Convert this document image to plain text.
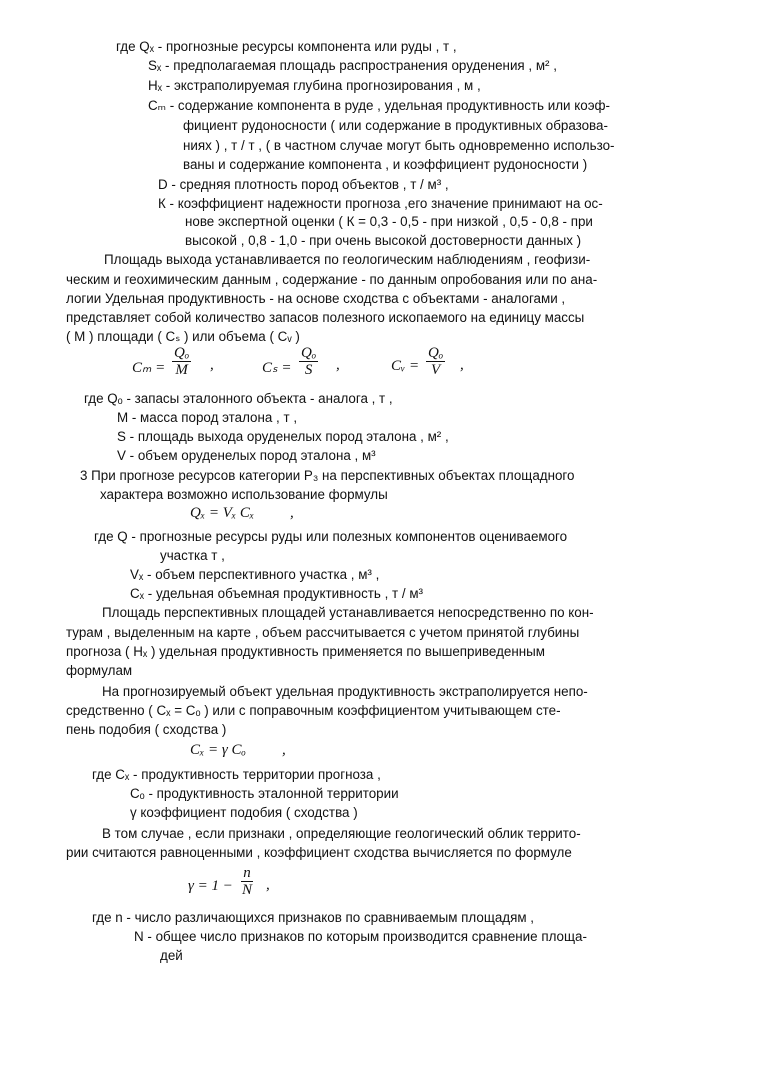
где Qₓ - прогнозные ресурсы компонента или руды , т ,
Sₓ - предполагаемая площадь распространения оруденения , м² ,
Hₓ - экстраполируемая глубина прогнозирования , м ,
Cₘ - содержание компонента в руде , удельная продуктивность или коэф-
фициент рудоносности ( или содержание в продуктивных образова-
ниях ) , т / т , ( в частном случае могут быть одновременно использо-
ваны и содержание компонента , и коэффициент рудоносности )
D - средняя плотность пород объектов , т / м³ ,
К - коэффициент надежности прогноза ,его значение принимают на ос-
нове экспертной оценки ( К = 0,3 - 0,5 - при низкой , 0,5 - 0,8 - при
высокой , 0,8 - 1,0 - при очень высокой достоверности данных )
Площадь выхода устанавливается по геологическим наблюдениям , геофизи-
ческим и геохимическим данным , содержание - по данным опробования или по ана-
логии Удельная продуктивность - на основе сходства с объектами - аналогами ,
представляет собой количество запасов полезного ископаемого на единицу массы
( М ) площади ( Cₛ ) или объема ( Cᵥ )
$C_m = \frac{\text{Qₒ}}{M}$ ,	$C_s = \frac{\text{Qₒ}}{S}$ ,	Cᵥ = $\frac{\text{Qₒ}}{V}$ ,
где Qₒ - запасы эталонного объекта - аналога , т ,
М - масса пород эталона , т ,
S - площадь выхода оруденелых пород эталона , м² ,
V - объем оруденелых пород эталона , м³
3 При прогнозе ресурсов категории Р₃ на перспективных объектах площадного
характера возможно использование формулы
Qₓ = Vₓ Cₓ ,
где Q - прогнозные ресурсы руды или полезных компонентов оцениваемого
участка т ,
Vₓ - объем перспективного участка , м³ ,
Cₓ - удельная объемная продуктивность , т / м³
Площадь перспективных площадей устанавливается непосредственно по кон-
турам , выделенным на карте , объем рассчитывается с учетом принятой глубины
прогноза ( Hₓ ) удельная продуктивность применяется по вышеприведенным
формулам
На прогнозируемый объект удельная продуктивность экстраполируется непо-
средственно ( Cₓ = Cₒ ) или с поправочным коэффициентом учитывающем сте-
пень подобия ( сходства )
Cₓ = γ Cₒ ,
где Cₓ - продуктивность территории прогноза ,
Cₒ - продуктивность эталонной территории
γ коэффициент подобия ( сходства )
В том случае , если признаки , определяющие геологический облик террито-
рии считаются равноценными , коэффициент сходства вычисляется по формуле
$\gamma = 1 - \frac{n}{N}$ ,
где n - число различающихся признаков по сравниваемым площадям ,
N - общее число признаков по которым производится сравнение площа-
дей
